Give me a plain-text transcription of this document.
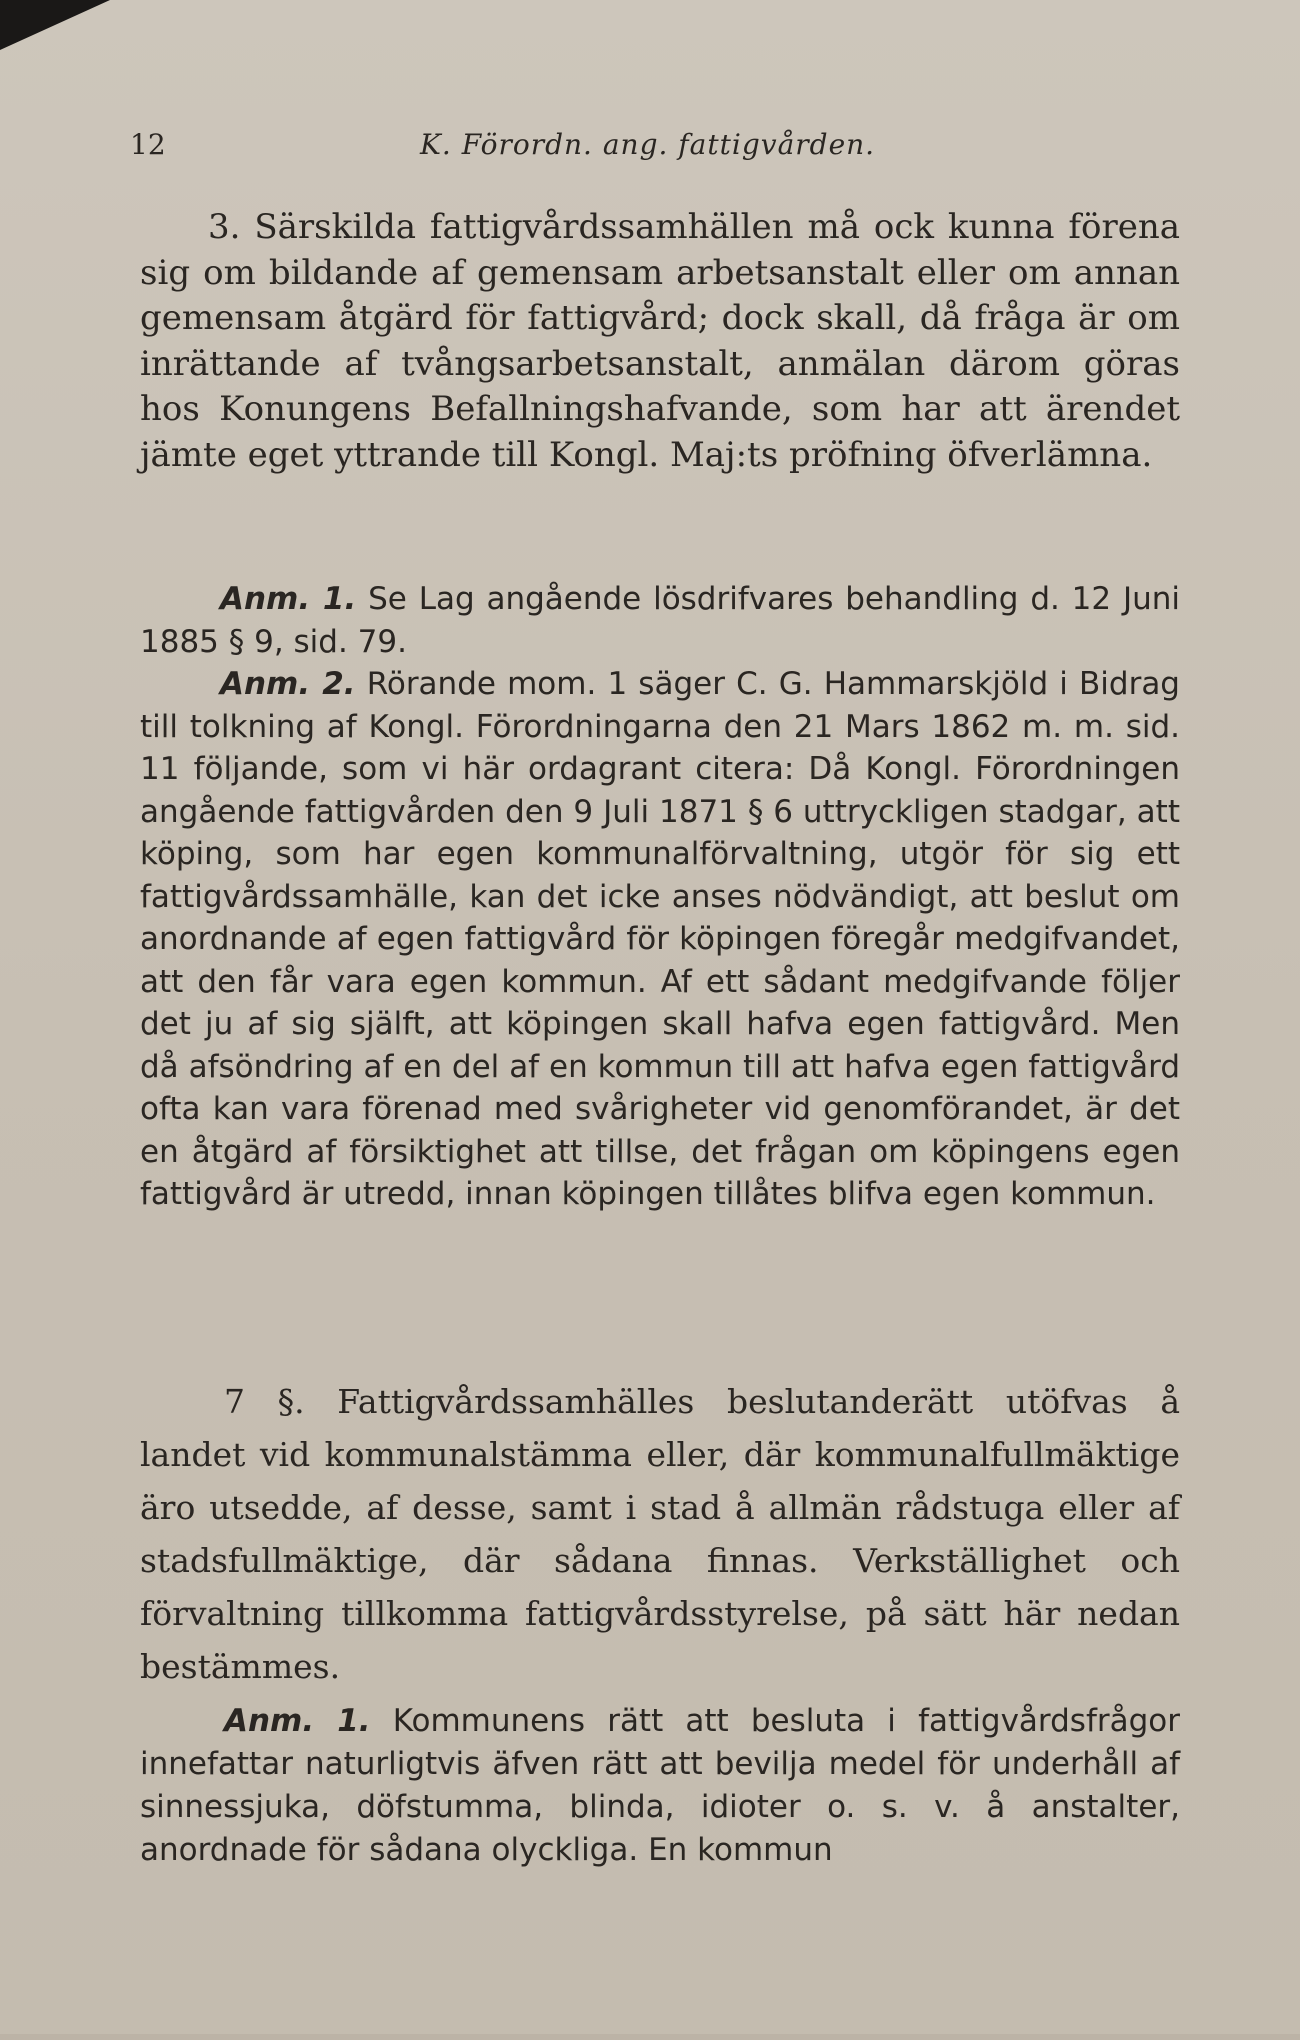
12	K. Förordn. ang. fattigvården.

3. Särskilda fattigvårdssamhällen må ock kunna förena sig om bildande af gemensam arbetsanstalt eller om annan gemensam åtgärd för fattigvård; dock skall, då fråga är om inrättande af tvångsarbetsanstalt, anmälan därom göras hos Konungens Befallningshafvande, som har att ärendet jämte eget yttrande till Kongl. Maj:ts pröfning öfverlämna.

Anm. 1. Se Lag angående lösdrifvares behandling d. 12 Juni 1885 § 9, sid. 79.

Anm. 2. Rörande mom. 1 säger C. G. Hammarskjöld i Bidrag till tolkning af Kongl. Förordningarna den 21 Mars 1862 m. m. sid. 11 följande, som vi här ordagrant citera: Då Kongl. Förordningen angående fattigvården den 9 Juli 1871 § 6 uttryckligen stadgar, att köping, som har egen kommunalförvaltning, utgör för sig ett fattigvårdssamhälle, kan det icke anses nödvändigt, att beslut om anordnande af egen fattigvård för köpingen föregår medgifvandet, att den får vara egen kommun. Af ett sådant medgifvande följer det ju af sig själft, att köpingen skall hafva egen fattigvård. Men då afsöndring af en del af en kommun till att hafva egen fattigvård ofta kan vara förenad med svårigheter vid genomförandet, är det en åtgärd af försiktighet att tillse, det frågan om köpingens egen fattigvård är utredd, innan köpingen tillåtes blifva egen kommun.

7 §. Fattigvårdssamhälles beslutanderätt utöfvas å landet vid kommunalstämma eller, där kommunalfullmäktige äro utsedde, af desse, samt i stad å allmän rådstuga eller af stadsfullmäktige, där sådana finnas. Verkställighet och förvaltning tillkomma fattigvårdsstyrelse, på sätt här nedan bestämmes.

Anm. 1. Kommunens rätt att besluta i fattigvårdsfrågor innefattar naturligtvis äfven rätt att bevilja medel för underhåll af sinnessjuka, döfstumma, blinda, idioter o. s. v. å anstalter, anordnade för sådana olyckliga. En kommun
